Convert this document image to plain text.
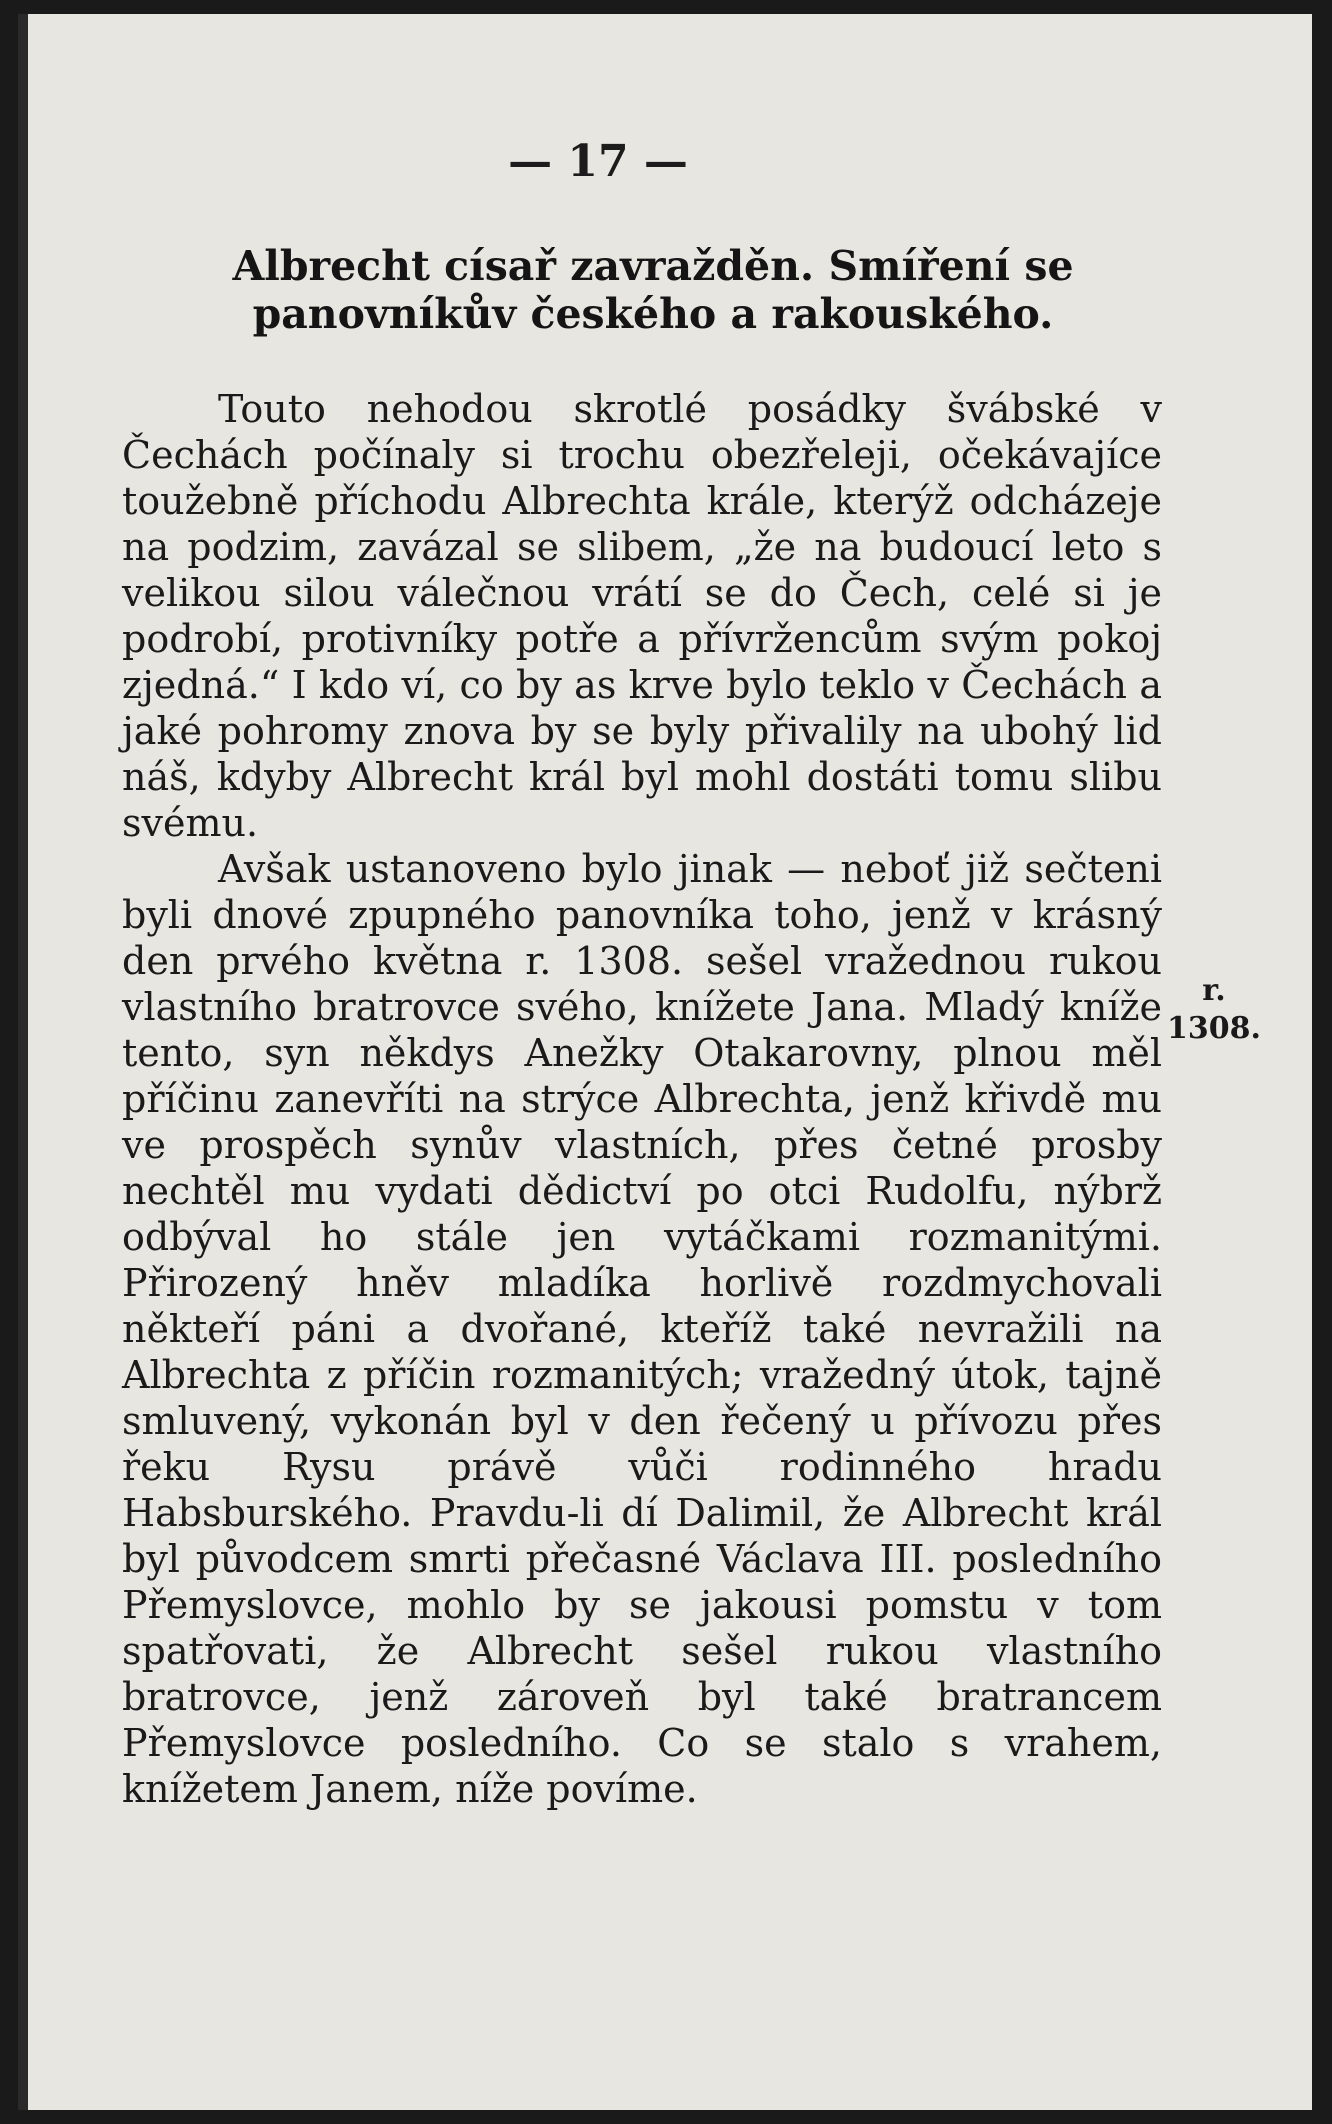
— 17 —
Albrecht císař zavražděn. Smíření se panovníkův českého a rakouského.

Touto nehodou skrotlé posádky švábské v Čechách počínaly si trochu obezřeleji, očekávajíce toužebně příchodu Albrechta krále, kterýž odcházeje na podzim, zavázal se slibem, „že na budoucí leto s velikou silou válečnou vrátí se do Čech, celé si je podrobí, protivníky potře a přívržencům svým pokoj zjedná.“ I kdo ví, co by as krve bylo teklo v Čechách a jaké pohromy znova by se byly přivalily na ubohý lid náš, kdyby Albrecht král byl mohl dostáti tomu slibu svému.

Avšak ustanoveno bylo jinak — neboť již sečteni byli dnové zpupného panovníka toho, jenž v krásný den prvého května r. 1308. sešel vražednou rukou vlastního bratrovce svého, knížete Jana. Mladý kníže tento, syn někdys Anežky Otakarovny, plnou měl příčinu zanevříti na strýce Albrechta, jenž křivdě mu ve prospěch synův vlastních, přes četné prosby nechtěl mu vydati dědictví po otci Rudolfu, nýbrž odbýval ho stále jen vytáčkami rozmanitými. Přirozený hněv mladíka horlivě rozdmychovali někteří páni a dvořané, kteříž také nevražili na Albrechta z příčin rozmanitých; vražedný útok, tajně smluvený, vykonán byl v den řečený u přívozu přes řeku Rysu právě vůči rodinného hradu Habsburského. Pravdu-li dí Dalimil, že Albrecht král byl původcem smrti přečasné Václava III. posledního Přemyslovce, mohlo by se jakousi pomstu v tom spatřovati, že Albrecht sešel rukou vlastního bratrovce, jenž zároveň byl také bratrancem Přemyslovce posledního. Co se stalo s vrahem, knížetem Janem, níže povíme.

r.
1308.
